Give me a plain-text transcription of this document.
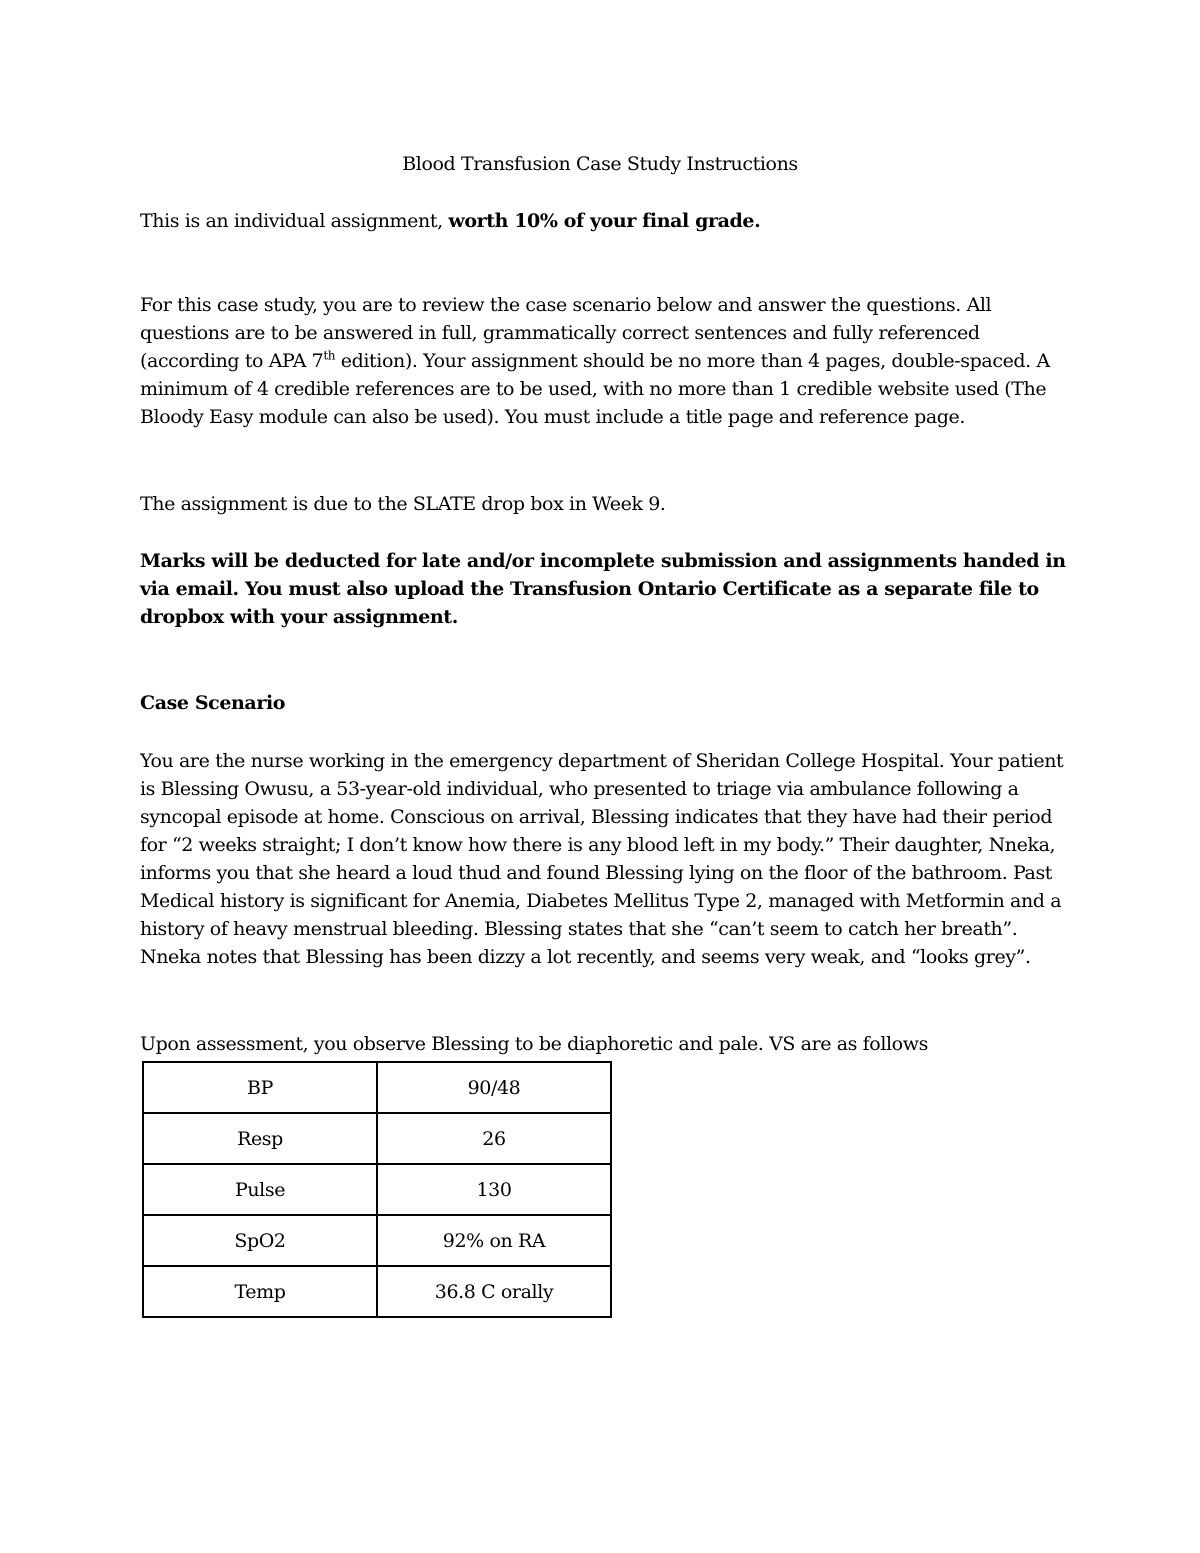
Blood Transfusion Case Study Instructions
This is an individual assignment, worth 10% of your final grade.
For this case study, you are to review the case scenario below and answer the questions. All questions are to be answered in full, grammatically correct sentences and fully referenced (according to APA 7th edition). Your assignment should be no more than 4 pages, double-spaced. A minimum of 4 credible references are to be used, with no more than 1 credible website used (The Bloody Easy module can also be used). You must include a title page and reference page.
The assignment is due to the SLATE drop box in Week 9.
Marks will be deducted for late and/or incomplete submission and assignments handed in via email. You must also upload the Transfusion Ontario Certificate as a separate file to dropbox with your assignment.
Case Scenario
You are the nurse working in the emergency department of Sheridan College Hospital. Your patient is Blessing Owusu, a 53-year-old individual, who presented to triage via ambulance following a syncopal episode at home. Conscious on arrival, Blessing indicates that they have had their period for “2 weeks straight; I don’t know how there is any blood left in my body.” Their daughter, Nneka, informs you that she heard a loud thud and found Blessing lying on the floor of the bathroom. Past Medical history is significant for Anemia, Diabetes Mellitus Type 2, managed with Metformin and a history of heavy menstrual bleeding. Blessing states that she “can’t seem to catch her breath”. Nneka notes that Blessing has been dizzy a lot recently, and seems very weak, and “looks grey”.
Upon assessment, you observe Blessing to be diaphoretic and pale. VS are as follows
BP	90/48
Resp	26
Pulse	130
SpO2	92% on RA
Temp	36.8 C orally
